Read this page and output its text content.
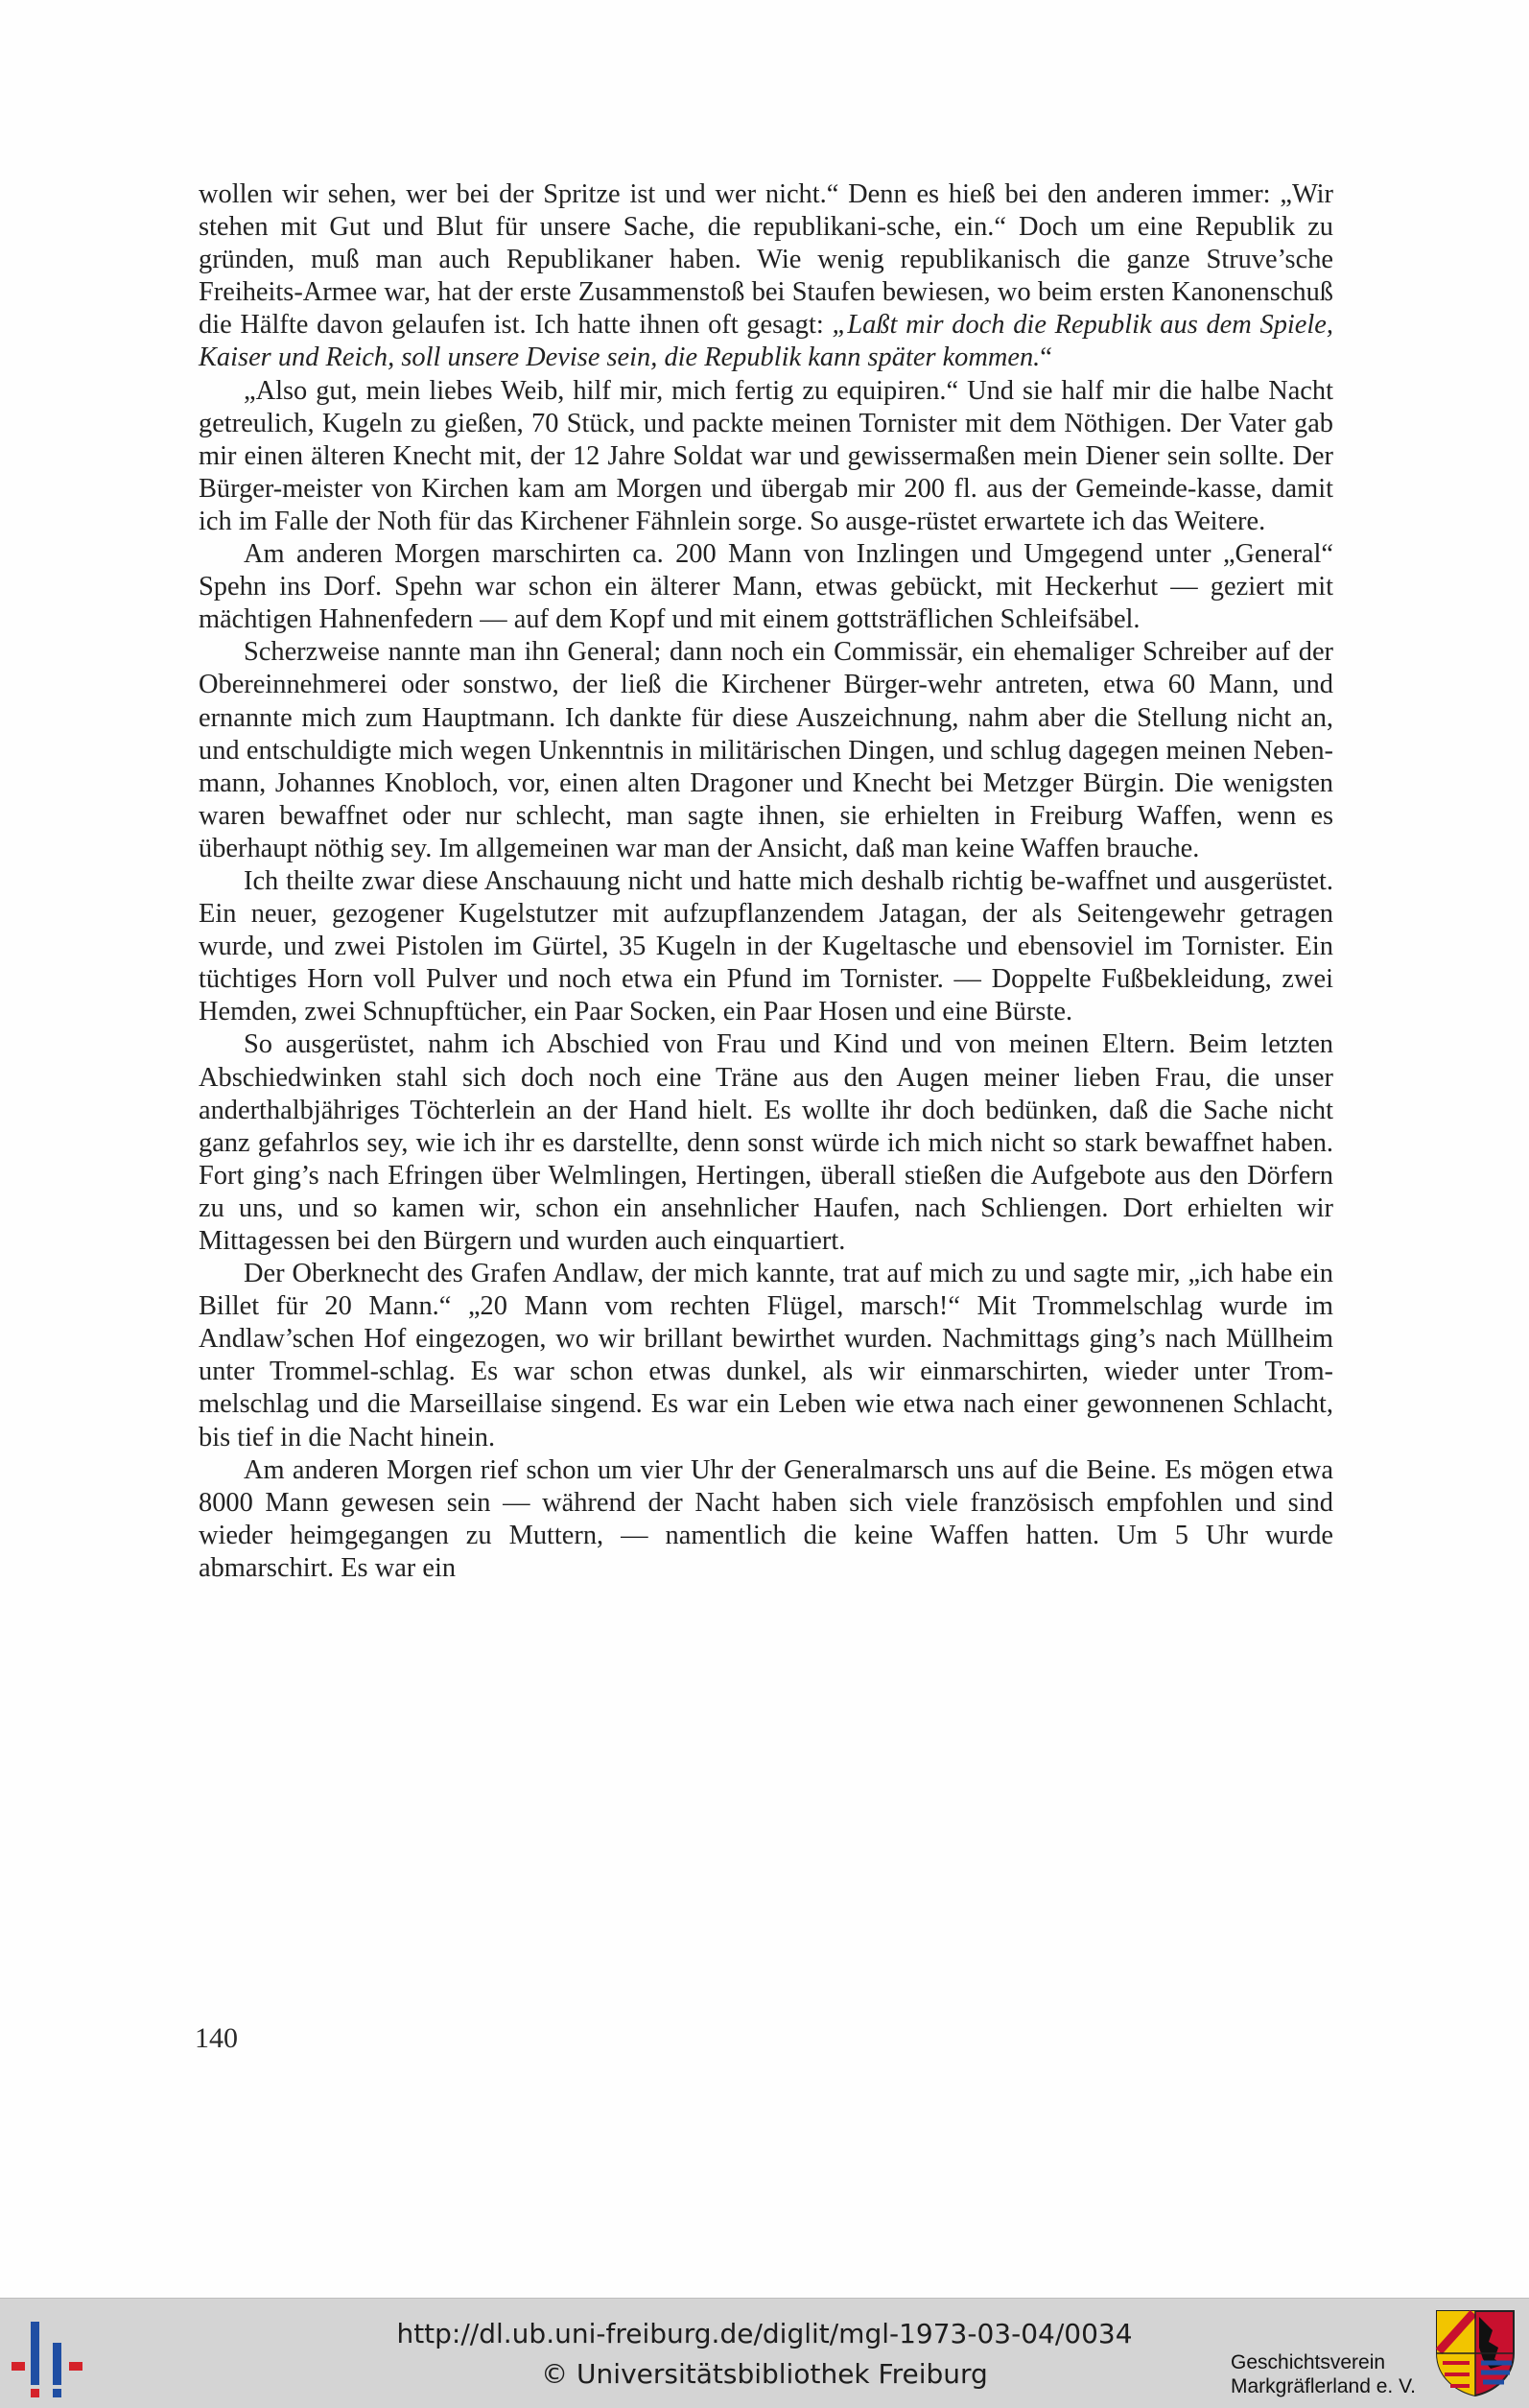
wollen wir sehen, wer bei der Spritze ist und wer nicht.“ Denn es hieß bei den anderen immer: „Wir stehen mit Gut und Blut für unsere Sache, die republikani-sche, ein.“ Doch um eine Republik zu gründen, muß man auch Republikaner haben. Wie wenig republikanisch die ganze Struve’sche Freiheits-Armee war, hat der erste Zusammenstoß bei Staufen bewiesen, wo beim ersten Kanonenschuß die Hälfte davon gelaufen ist. Ich hatte ihnen oft gesagt: „Laßt mir doch die Republik aus dem Spiele, Kaiser und Reich, soll unsere Devise sein, die Republik kann später kommen.“

„Also gut, mein liebes Weib, hilf mir, mich fertig zu equipiren.“ Und sie half mir die halbe Nacht getreulich, Kugeln zu gießen, 70 Stück, und packte meinen Tornister mit dem Nöthigen. Der Vater gab mir einen älteren Knecht mit, der 12 Jahre Soldat war und gewissermaßen mein Diener sein sollte. Der Bürger-meister von Kirchen kam am Morgen und übergab mir 200 fl. aus der Gemeinde-kasse, damit ich im Falle der Noth für das Kirchener Fähnlein sorge. So ausge-rüstet erwartete ich das Weitere.

Am anderen Morgen marschirten ca. 200 Mann von Inzlingen und Umgegend unter „General“ Spehn ins Dorf. Spehn war schon ein älterer Mann, etwas gebückt, mit Heckerhut — geziert mit mächtigen Hahnenfedern — auf dem Kopf und mit einem gottsträflichen Schleifsäbel.

Scherzweise nannte man ihn General; dann noch ein Commissär, ein ehemaliger Schreiber auf der Obereinnehmerei oder sonstwo, der ließ die Kirchener Bürger-wehr antreten, etwa 60 Mann, und ernannte mich zum Hauptmann. Ich dankte für diese Auszeichnung, nahm aber die Stellung nicht an, und entschuldigte mich wegen Unkenntnis in militärischen Dingen, und schlug dagegen meinen Neben-mann, Johannes Knobloch, vor, einen alten Dragoner und Knecht bei Metzger Bürgin. Die wenigsten waren bewaffnet oder nur schlecht, man sagte ihnen, sie erhielten in Freiburg Waffen, wenn es überhaupt nöthig sey. Im allgemeinen war man der Ansicht, daß man keine Waffen brauche.

Ich theilte zwar diese Anschauung nicht und hatte mich deshalb richtig be-waffnet und ausgerüstet. Ein neuer, gezogener Kugelstutzer mit aufzupflanzendem Jatagan, der als Seitengewehr getragen wurde, und zwei Pistolen im Gürtel, 35 Kugeln in der Kugeltasche und ebensoviel im Tornister. Ein tüchtiges Horn voll Pulver und noch etwa ein Pfund im Tornister. — Doppelte Fußbekleidung, zwei Hemden, zwei Schnupftücher, ein Paar Socken, ein Paar Hosen und eine Bürste.

So ausgerüstet, nahm ich Abschied von Frau und Kind und von meinen Eltern. Beim letzten Abschiedwinken stahl sich doch noch eine Träne aus den Augen meiner lieben Frau, die unser anderthalbjähriges Töchterlein an der Hand hielt. Es wollte ihr doch bedünken, daß die Sache nicht ganz gefahrlos sey, wie ich ihr es darstellte, denn sonst würde ich mich nicht so stark bewaffnet haben. Fort ging’s nach Efringen über Welmlingen, Hertingen, überall stießen die Aufgebote aus den Dörfern zu uns, und so kamen wir, schon ein ansehnlicher Haufen, nach Schliengen. Dort erhielten wir Mittagessen bei den Bürgern und wurden auch einquartiert.

Der Oberknecht des Grafen Andlaw, der mich kannte, trat auf mich zu und sagte mir, „ich habe ein Billet für 20 Mann.“ „20 Mann vom rechten Flügel, marsch!“ Mit Trommelschlag wurde im Andlaw’schen Hof eingezogen, wo wir brillant bewirthet wurden. Nachmittags ging’s nach Müllheim unter Trommel-schlag. Es war schon etwas dunkel, als wir einmarschirten, wieder unter Trom-melschlag und die Marseillaise singend. Es war ein Leben wie etwa nach einer gewonnenen Schlacht, bis tief in die Nacht hinein.

Am anderen Morgen rief schon um vier Uhr der Generalmarsch uns auf die Beine. Es mögen etwa 8000 Mann gewesen sein — während der Nacht haben sich viele französisch empfohlen und sind wieder heimgegangen zu Muttern, — namentlich die keine Waffen hatten. Um 5 Uhr wurde abmarschirt. Es war ein

140
http://dl.ub.uni-freiburg.de/diglit/mgl-1973-03-04/0034
© Universitätsbibliothek Freiburg	Geschichtsverein
Markgräflerland e. V.
